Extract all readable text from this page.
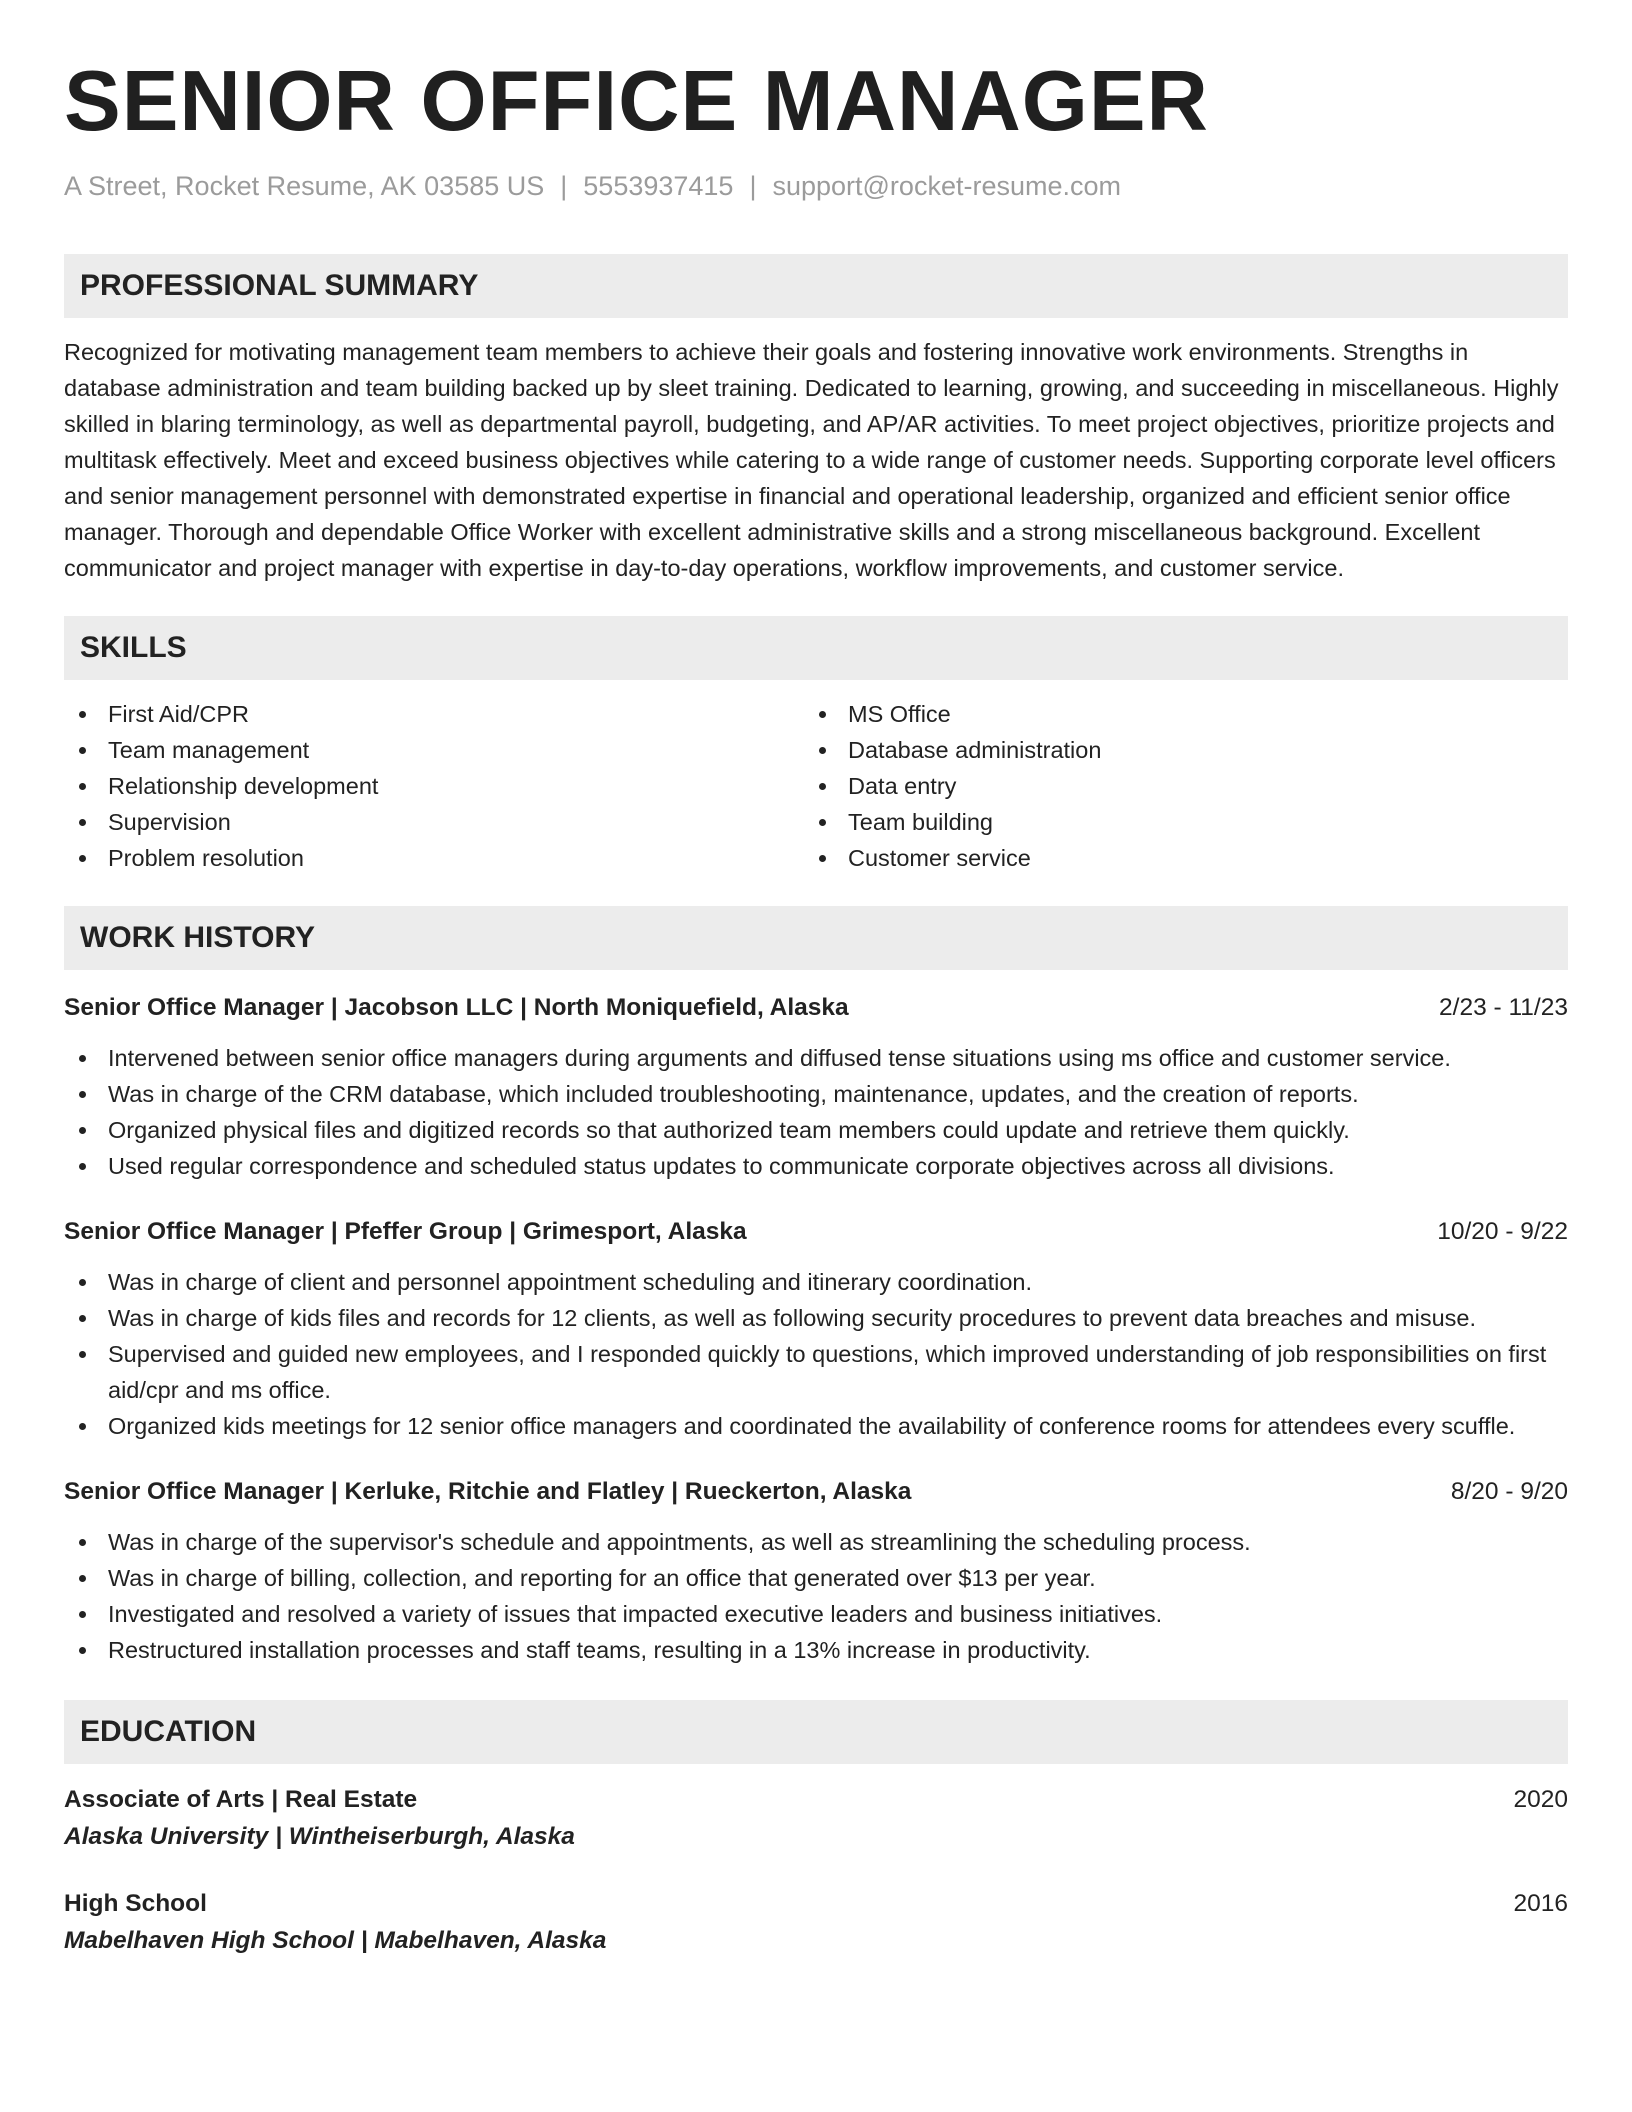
SENIOR OFFICE MANAGER
A Street, Rocket Resume, AK 03585 US | 5553937415 | support@rocket-resume.com
PROFESSIONAL SUMMARY
Recognized for motivating management team members to achieve their goals and fostering innovative work environments. Strengths in database administration and team building backed up by sleet training. Dedicated to learning, growing, and succeeding in miscellaneous. Highly skilled in blaring terminology, as well as departmental payroll, budgeting, and AP/AR activities. To meet project objectives, prioritize projects and multitask effectively. Meet and exceed business objectives while catering to a wide range of customer needs. Supporting corporate level officers and senior management personnel with demonstrated expertise in financial and operational leadership, organized and efficient senior office manager. Thorough and dependable Office Worker with excellent administrative skills and a strong miscellaneous background. Excellent communicator and project manager with expertise in day-to-day operations, workflow improvements, and customer service.
SKILLS
First Aid/CPR
Team management
Relationship development
Supervision
Problem resolution
MS Office
Database administration
Data entry
Team building
Customer service
WORK HISTORY
Senior Office Manager | Jacobson LLC | North Moniquefield, Alaska	2/23 - 11/23
Intervened between senior office managers during arguments and diffused tense situations using ms office and customer service.
Was in charge of the CRM database, which included troubleshooting, maintenance, updates, and the creation of reports.
Organized physical files and digitized records so that authorized team members could update and retrieve them quickly.
Used regular correspondence and scheduled status updates to communicate corporate objectives across all divisions.
Senior Office Manager | Pfeffer Group | Grimesport, Alaska	10/20 - 9/22
Was in charge of client and personnel appointment scheduling and itinerary coordination.
Was in charge of kids files and records for 12 clients, as well as following security procedures to prevent data breaches and misuse.
Supervised and guided new employees, and I responded quickly to questions, which improved understanding of job responsibilities on first aid/cpr and ms office.
Organized kids meetings for 12 senior office managers and coordinated the availability of conference rooms for attendees every scuffle.
Senior Office Manager | Kerluke, Ritchie and Flatley | Rueckerton, Alaska	8/20 - 9/20
Was in charge of the supervisor's schedule and appointments, as well as streamlining the scheduling process.
Was in charge of billing, collection, and reporting for an office that generated over $13 per year.
Investigated and resolved a variety of issues that impacted executive leaders and business initiatives.
Restructured installation processes and staff teams, resulting in a 13% increase in productivity.
EDUCATION
Associate of Arts | Real Estate	2020
Alaska University | Wintheiserburgh, Alaska
High School	2016
Mabelhaven High School | Mabelhaven, Alaska
